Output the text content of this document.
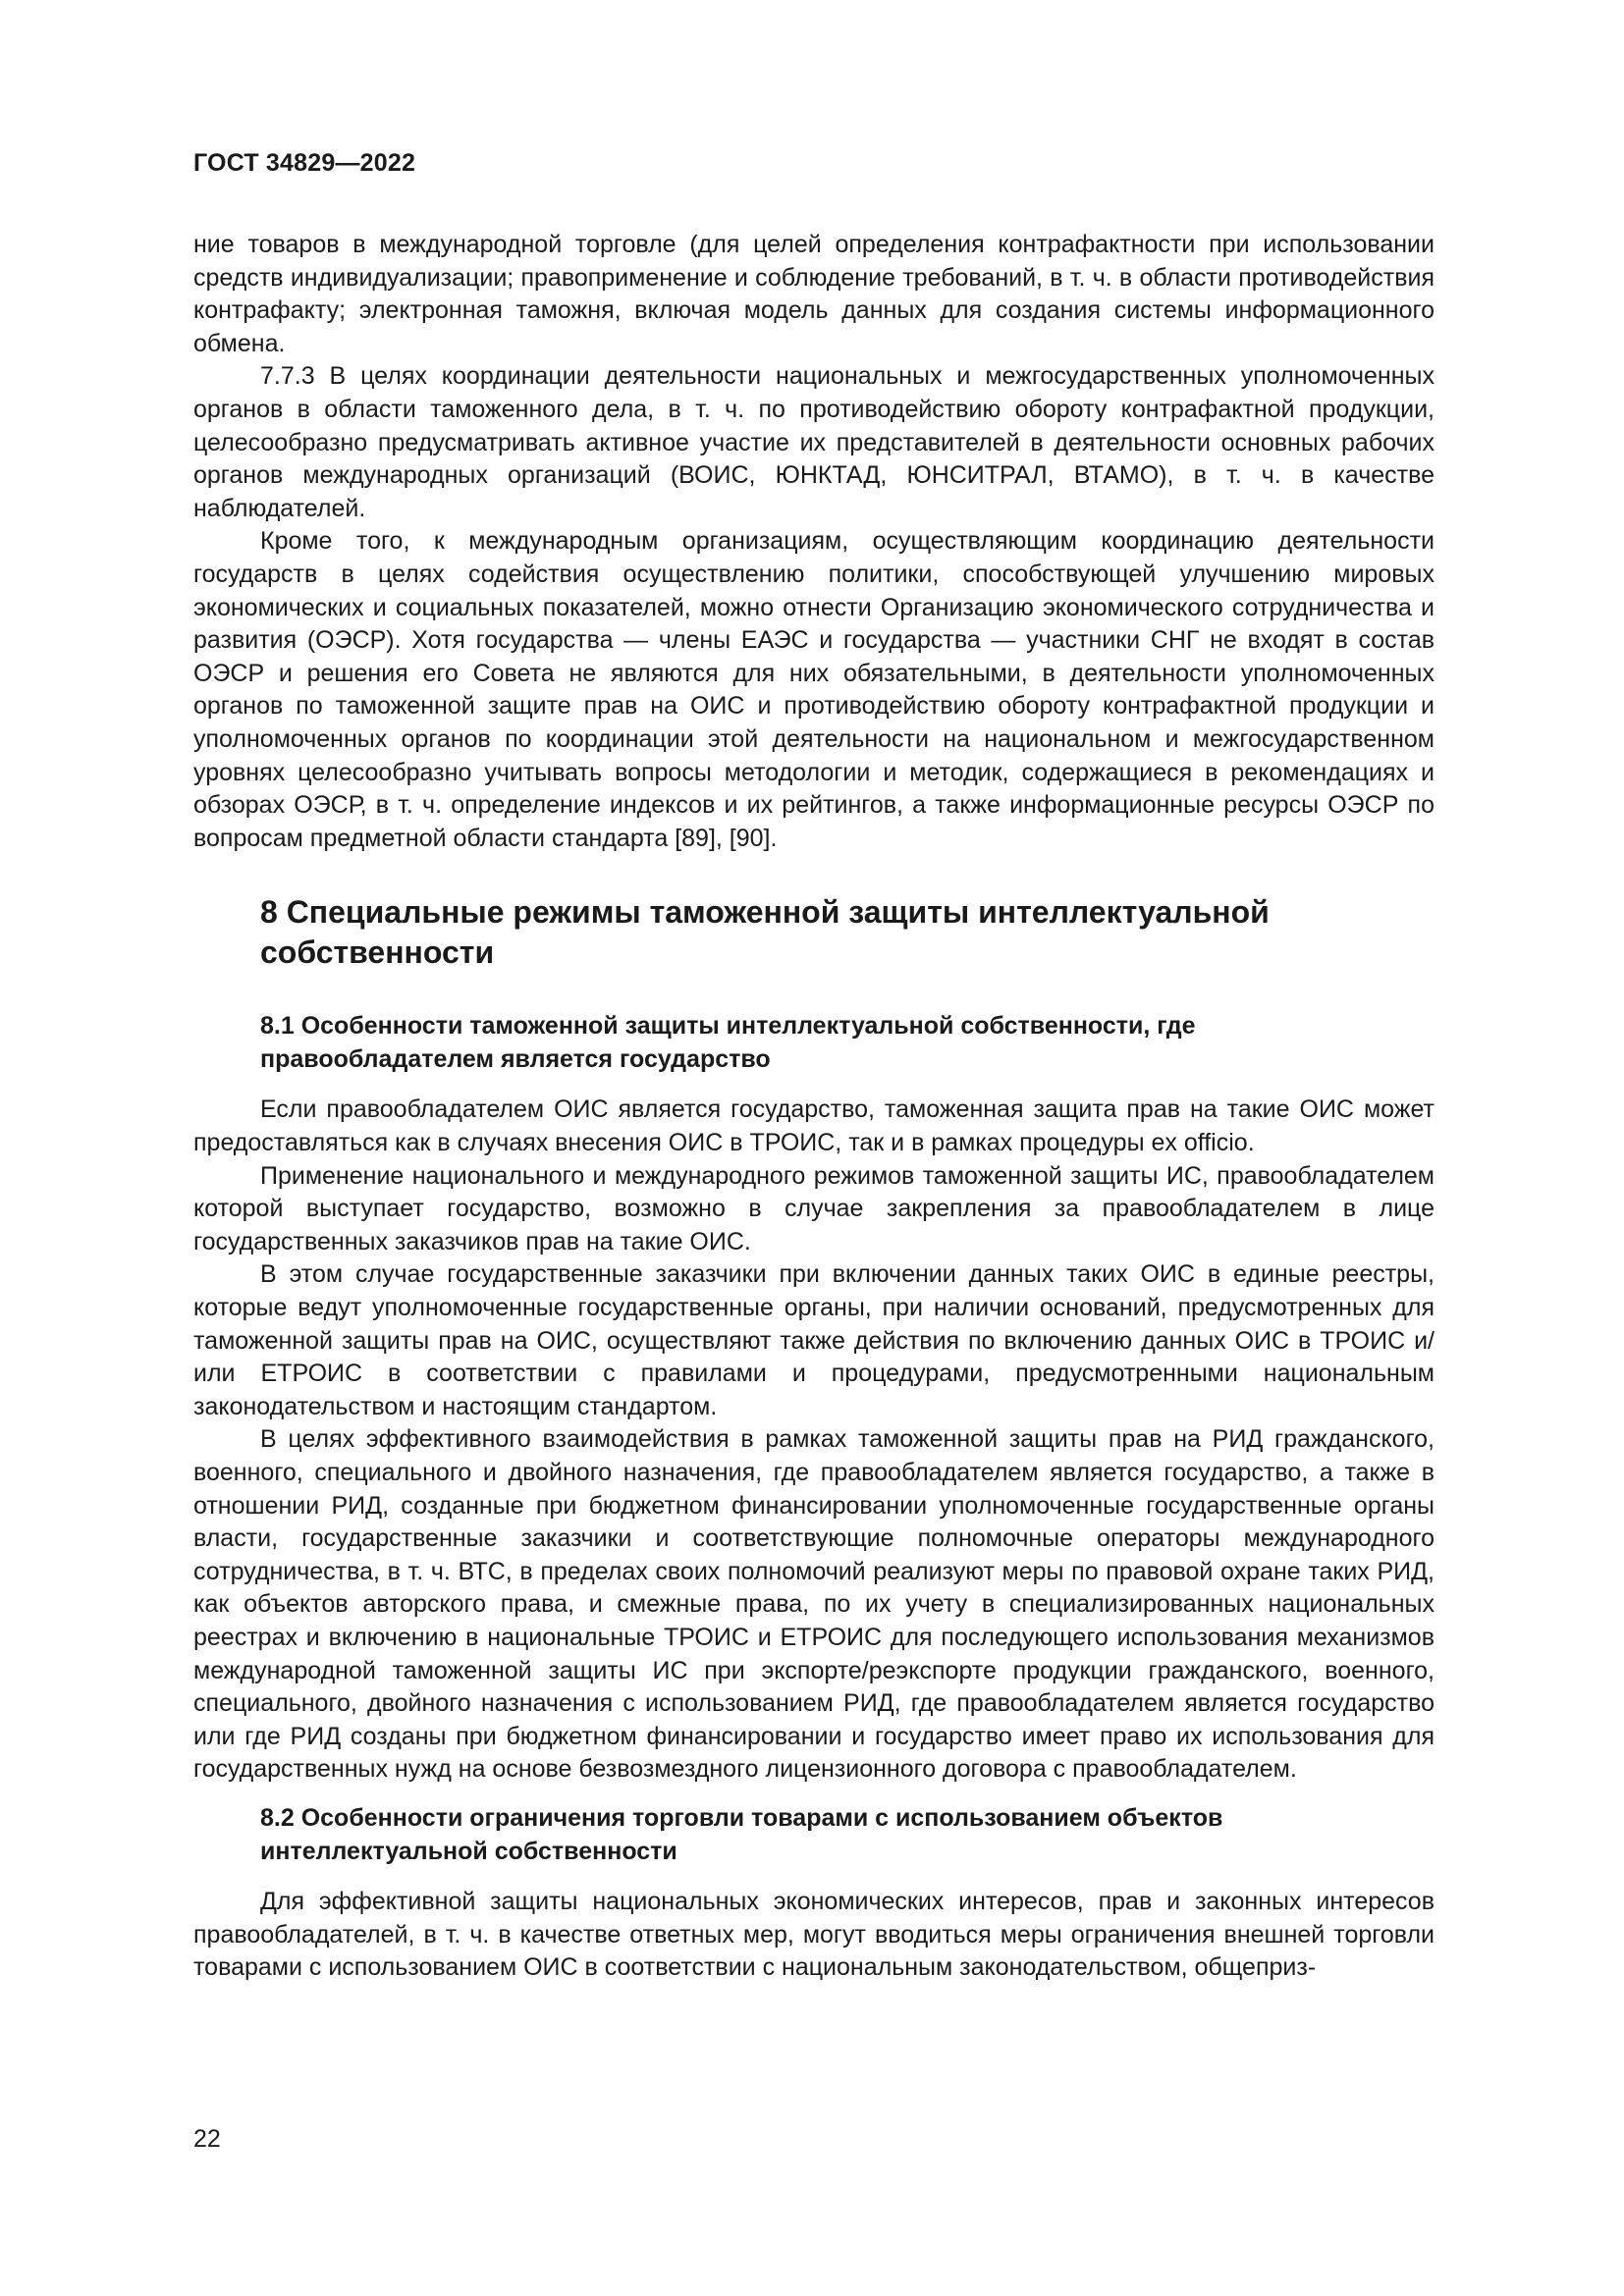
ГОСТ 34829—2022

ние товаров в международной торговле (для целей определения контрафактности при использовании средств индивидуализации; правоприменение и соблюдение требований, в т. ч. в области противодействия контрафакту; электронная таможня, включая модель данных для создания системы информационного обмена.

7.7.3 В целях координации деятельности национальных и межгосударственных уполномоченных органов в области таможенного дела, в т. ч. по противодействию обороту контрафактной продукции, целесообразно предусматривать активное участие их представителей в деятельности основных рабочих органов международных организаций (ВОИС, ЮНКТАД, ЮНСИТРАЛ, ВТАМО), в т. ч. в качестве наблюдателей.

Кроме того, к международным организациям, осуществляющим координацию деятельности государств в целях содействия осуществлению политики, способствующей улучшению мировых экономических и социальных показателей, можно отнести Организацию экономического сотрудничества и развития (ОЭСР). Хотя государства — члены ЕАЭС и государства — участники СНГ не входят в состав ОЭСР и решения его Совета не являются для них обязательными, в деятельности уполномоченных органов по таможенной защите прав на ОИС и противодействию обороту контрафактной продукции и уполномоченных органов по координации этой деятельности на национальном и межгосударственном уровнях целесообразно учитывать вопросы методологии и методик, содержащиеся в рекомендациях и обзорах ОЭСР, в т. ч. определение индексов и их рейтингов, а также информационные ресурсы ОЭСР по вопросам предметной области стандарта [89], [90].

8 Специальные режимы таможенной защиты интеллектуальной собственности
8.1 Особенности таможенной защиты интеллектуальной собственности, где правообладателем является государство

Если правообладателем ОИС является государство, таможенная защита прав на такие ОИС может предоставляться как в случаях внесения ОИС в ТРОИС, так и в рамках процедуры ex officio.

Применение национального и международного режимов таможенной защиты ИС, правообладателем которой выступает государство, возможно в случае закрепления за правообладателем в лице государственных заказчиков прав на такие ОИС.

В этом случае государственные заказчики при включении данных таких ОИС в единые реестры, которые ведут уполномоченные государственные органы, при наличии оснований, предусмотренных для таможенной защиты прав на ОИС, осуществляют также действия по включению данных ОИС в ТРОИС и/или ЕТРОИС в соответствии с правилами и процедурами, предусмотренными национальным законодательством и настоящим стандартом.

В целях эффективного взаимодействия в рамках таможенной защиты прав на РИД гражданского, военного, специального и двойного назначения, где правообладателем является государство, а также в отношении РИД, созданные при бюджетном финансировании уполномоченные государственные органы власти, государственные заказчики и соответствующие полномочные операторы международного сотрудничества, в т. ч. ВТС, в пределах своих полномочий реализуют меры по правовой охране таких РИД, как объектов авторского права, и смежные права, по их учету в специализированных национальных реестрах и включению в национальные ТРОИС и ЕТРОИС для последующего использования механизмов международной таможенной защиты ИС при экспорте/реэкспорте продукции гражданского, военного, специального, двойного назначения с использованием РИД, где правообладателем является государство или где РИД созданы при бюджетном финансировании и государство имеет право их использования для государственных нужд на основе безвозмездного лицензионного договора с правообладателем.

8.2 Особенности ограничения торговли товарами с использованием объектов интеллектуальной собственности

Для эффективной защиты национальных экономических интересов, прав и законных интересов правообладателей, в т. ч. в качестве ответных мер, могут вводиться меры ограничения внешней торговли товарами с использованием ОИС в соответствии с национальным законодательством, общеприз-

22
